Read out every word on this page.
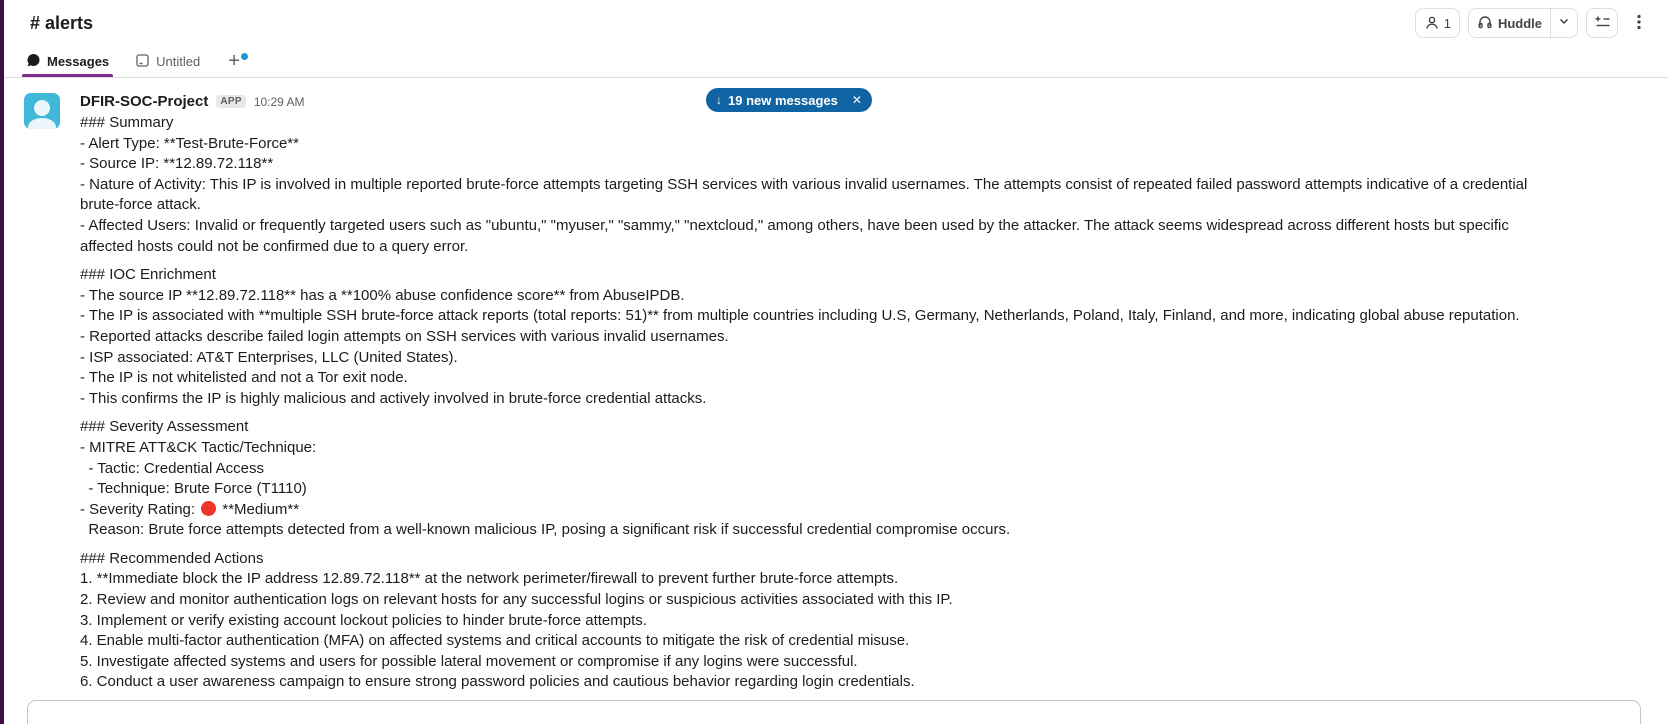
# alerts	1	Huddle
Messages	Untitled	+
↓ 19 new messages ✕
DFIR-SOC-Project	APP	10:29 AM
### Summary
- Alert Type: **Test-Brute-Force**
- Source IP: **12.89.72.118**
- Nature of Activity: This IP is involved in multiple reported brute-force attempts targeting SSH services with various invalid usernames. The attempts consist of repeated failed password attempts indicative of a credential brute-force attack.
- Affected Users: Invalid or frequently targeted users such as "ubuntu," "myuser," "sammy," "nextcloud," among others, have been used by the attacker. The attack seems widespread across different hosts but specific affected hosts could not be confirmed due to a query error.
### IOC Enrichment
- The source IP **12.89.72.118** has a **100% abuse confidence score** from AbuseIPDB.
- The IP is associated with **multiple SSH brute-force attack reports (total reports: 51)** from multiple countries including U.S, Germany, Netherlands, Poland, Italy, Finland, and more, indicating global abuse reputation.
- Reported attacks describe failed login attempts on SSH services with various invalid usernames.
- ISP associated: AT&T Enterprises, LLC (United States).
- The IP is not whitelisted and not a Tor exit node.
- This confirms the IP is highly malicious and actively involved in brute-force credential attacks.
### Severity Assessment
- MITRE ATT&CK Tactic/Technique:
- Tactic: Credential Access
- Technique: Brute Force (T1110)
- Severity Rating:  **Medium**
Reason: Brute force attempts detected from a well-known malicious IP, posing a significant risk if successful credential compromise occurs.
### Recommended Actions
1. **Immediate block the IP address 12.89.72.118** at the network perimeter/firewall to prevent further brute-force attempts.
2. Review and monitor authentication logs on relevant hosts for any successful logins or suspicious activities associated with this IP.
3. Implement or verify existing account lockout policies to hinder brute-force attempts.
4. Enable multi-factor authentication (MFA) on affected systems and critical accounts to mitigate the risk of credential misuse.
5. Investigate affected systems and users for possible lateral movement or compromise if any logins were successful.
6. Conduct a user awareness campaign to ensure strong password policies and cautious behavior regarding login credentials.
